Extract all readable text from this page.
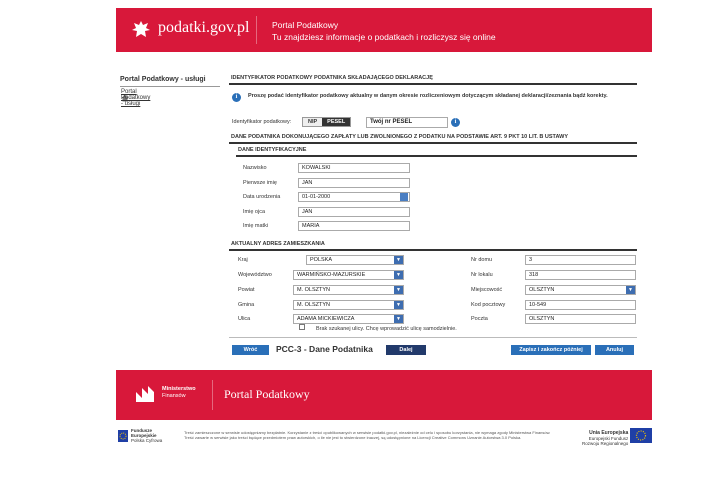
podatki.gov.pl	Portal Podatkowy
Tu znajdziesz informacje o podatkach i rozliczysz się online
Portal Podatkowy - usługi
Portal Podatkowy - usługi
IDENTYFIKATOR PODATKOWY PODATNIKA SKŁADAJĄCEGO DEKLARACJĘ
i	Proszę podać identyfikator podatkowy aktualny w danym okresie rozliczeniowym dotyczącym składanej deklaracji/zeznania bądź korekty.
Identyfikator podatkowy:	NIP	PESEL	Twój nr PESEL	i
DANE PODATNIKA DOKONUJĄCEGO ZAPŁATY LUB ZWOLNIONEGO Z PODATKU NA PODSTAWIE ART. 9 PKT 10 LIT. B USTAWY
DANE IDENTYFIKACYJNE
Nazwisko	KOWALSKI
Pierwsze imię	JAN
Data urodzenia	01-01-2000
Imię ojca	JAN
Imię matki	MARIA
AKTUALNY ADRES ZAMIESZKANIA
Kraj	POLSKA	▼
Województwo	WARMIŃSKO-MAZURSKIE	▼
Powiat	M. OLSZTYN	▼
Gmina	M. OLSZTYN	▼
Ulica	ADAMA MICKIEWICZA	▼
Nr domu	3
Nr lokalu	318
Miejscowość	OLSZTYN	▼
Kod pocztowy	10-549
Poczta	OLSZTYN
Brak szukanej ulicy. Chcę wprowadzić ulicę samodzielnie.
Wróć	PCC-3 - Dane Podatnika	Dalej	Zapisz i zakończ później	Anuluj
Ministerstwo
Finansów	Portal Podatkowy
Fundusze
Europejskie
Polska Cyfrowa
Treść zamieszczone w serwisie udostępniamy bezpłatnie. Korzystanie z treści opublikowanych w serwisie podatki.gov.pl, niezależnie od celu i sposobu korzystania, nie wymaga zgody Ministerstwa Finansów. Treść zawarte w serwisie jako treści będące przedmiotem praw autorskich, o ile nie jest to stwierdzone inaczej, są udostępnione na Licencji Creative Commons Uznanie Autorstwa 3.0 Polska.
Unia Europejska
Europejski Fundusz
Rozwoju Regionalnego
